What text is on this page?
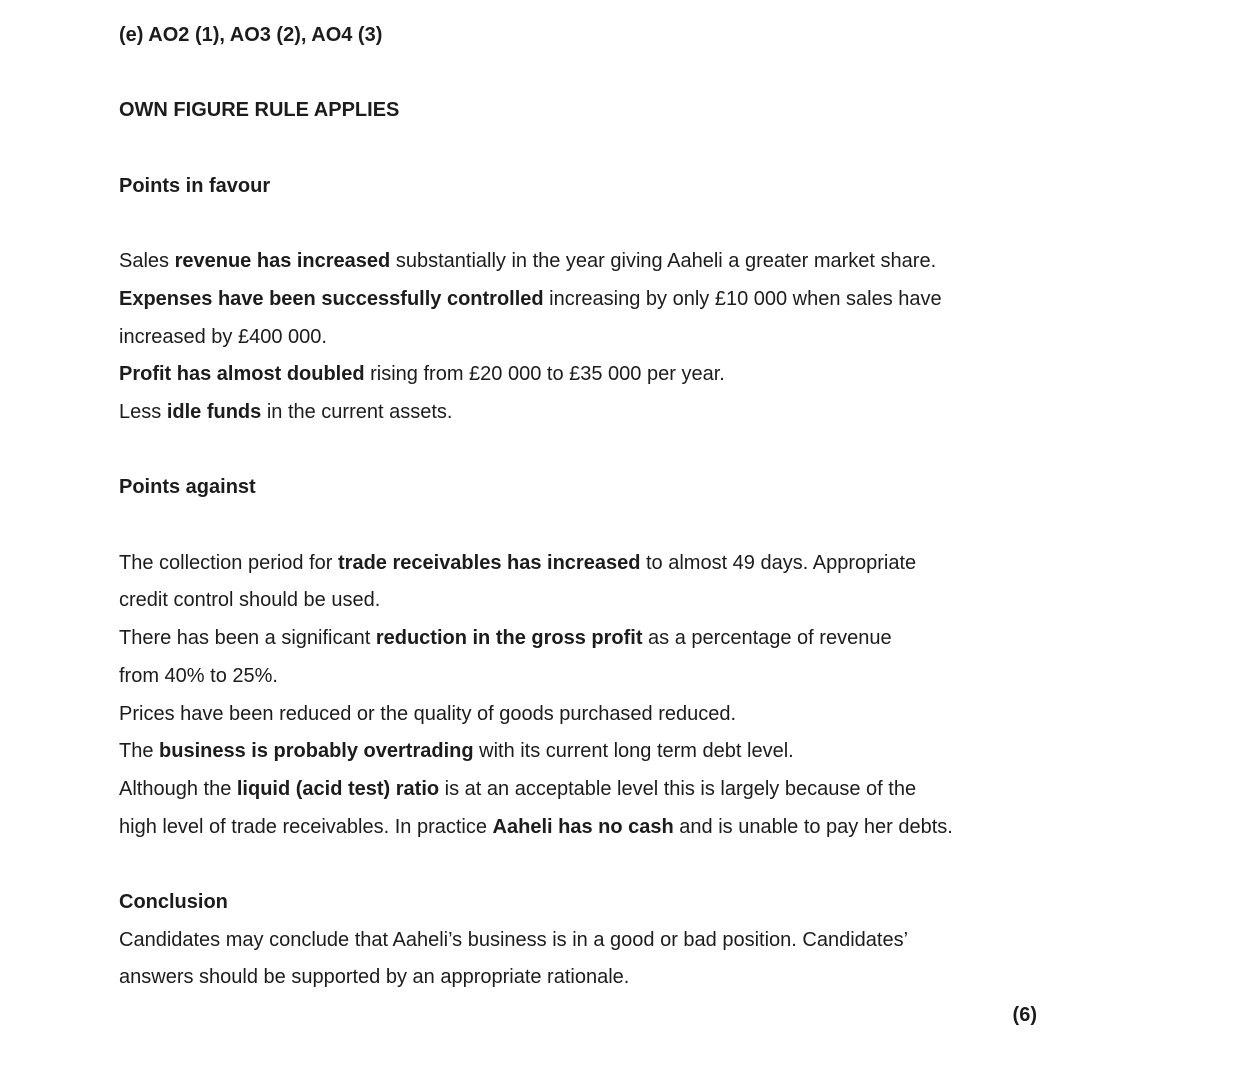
(e) AO2 (1), AO3 (2), AO4 (3)
OWN FIGURE RULE APPLIES
Points in favour
Sales revenue has increased substantially in the year giving Aaheli a greater market share.
Expenses have been successfully controlled increasing by only £10 000 when sales have
increased by £400 000.
Profit has almost doubled rising from £20 000 to £35 000 per year.
Less idle funds in the current assets.
Points against
The collection period for trade receivables has increased to almost 49 days. Appropriate
credit control should be used.
There has been a significant reduction in the gross profit as a percentage of revenue
from 40% to 25%.
Prices have been reduced or the quality of goods purchased reduced.
The business is probably overtrading with its current long term debt level.
Although the liquid (acid test) ratio is at an acceptable level this is largely because of the
high level of trade receivables. In practice Aaheli has no cash and is unable to pay her debts.
Conclusion
Candidates may conclude that Aaheli’s business is in a good or bad position. Candidates’
answers should be supported by an appropriate rationale.
(6)
